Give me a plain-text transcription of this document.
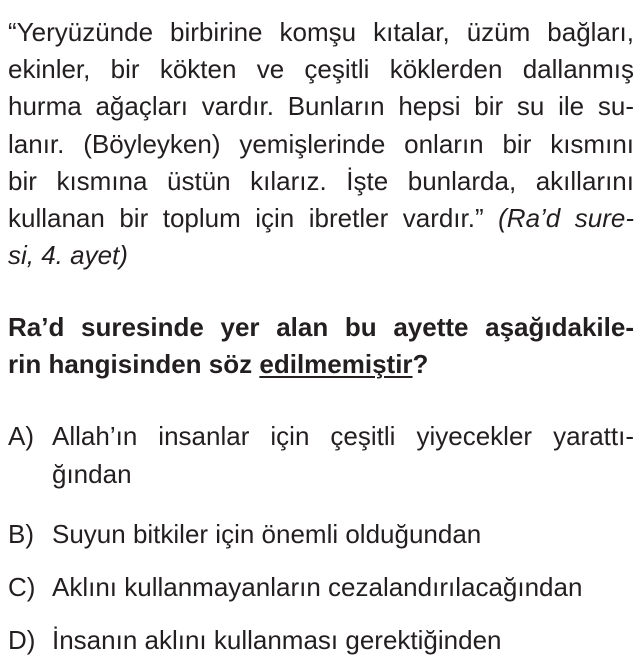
“Yeryüzünde birbirine komşu kıtalar, üzüm bağları,
ekinler, bir kökten ve çeşitli köklerden dallanmış
hurma ağaçları vardır. Bunların hepsi bir su ile su-
lanır. (Böyleyken) yemişlerinde onların bir kısmını
bir kısmına üstün kılarız. İşte bunlarda, akıllarını
kullanan bir toplum için ibretler vardır.” (Ra’d sure-
si, 4. ayet)
Ra’d suresinde yer alan bu ayette aşağıdakile-
rin hangisinden söz edilmemiştir?
A) Allah’ın insanlar için çeşitli yiyecekler yarattı-
ğından
B) Suyun bitkiler için önemli olduğundan
C) Aklını kullanmayanların cezalandırılacağından
D) İnsanın aklını kullanması gerektiğinden
